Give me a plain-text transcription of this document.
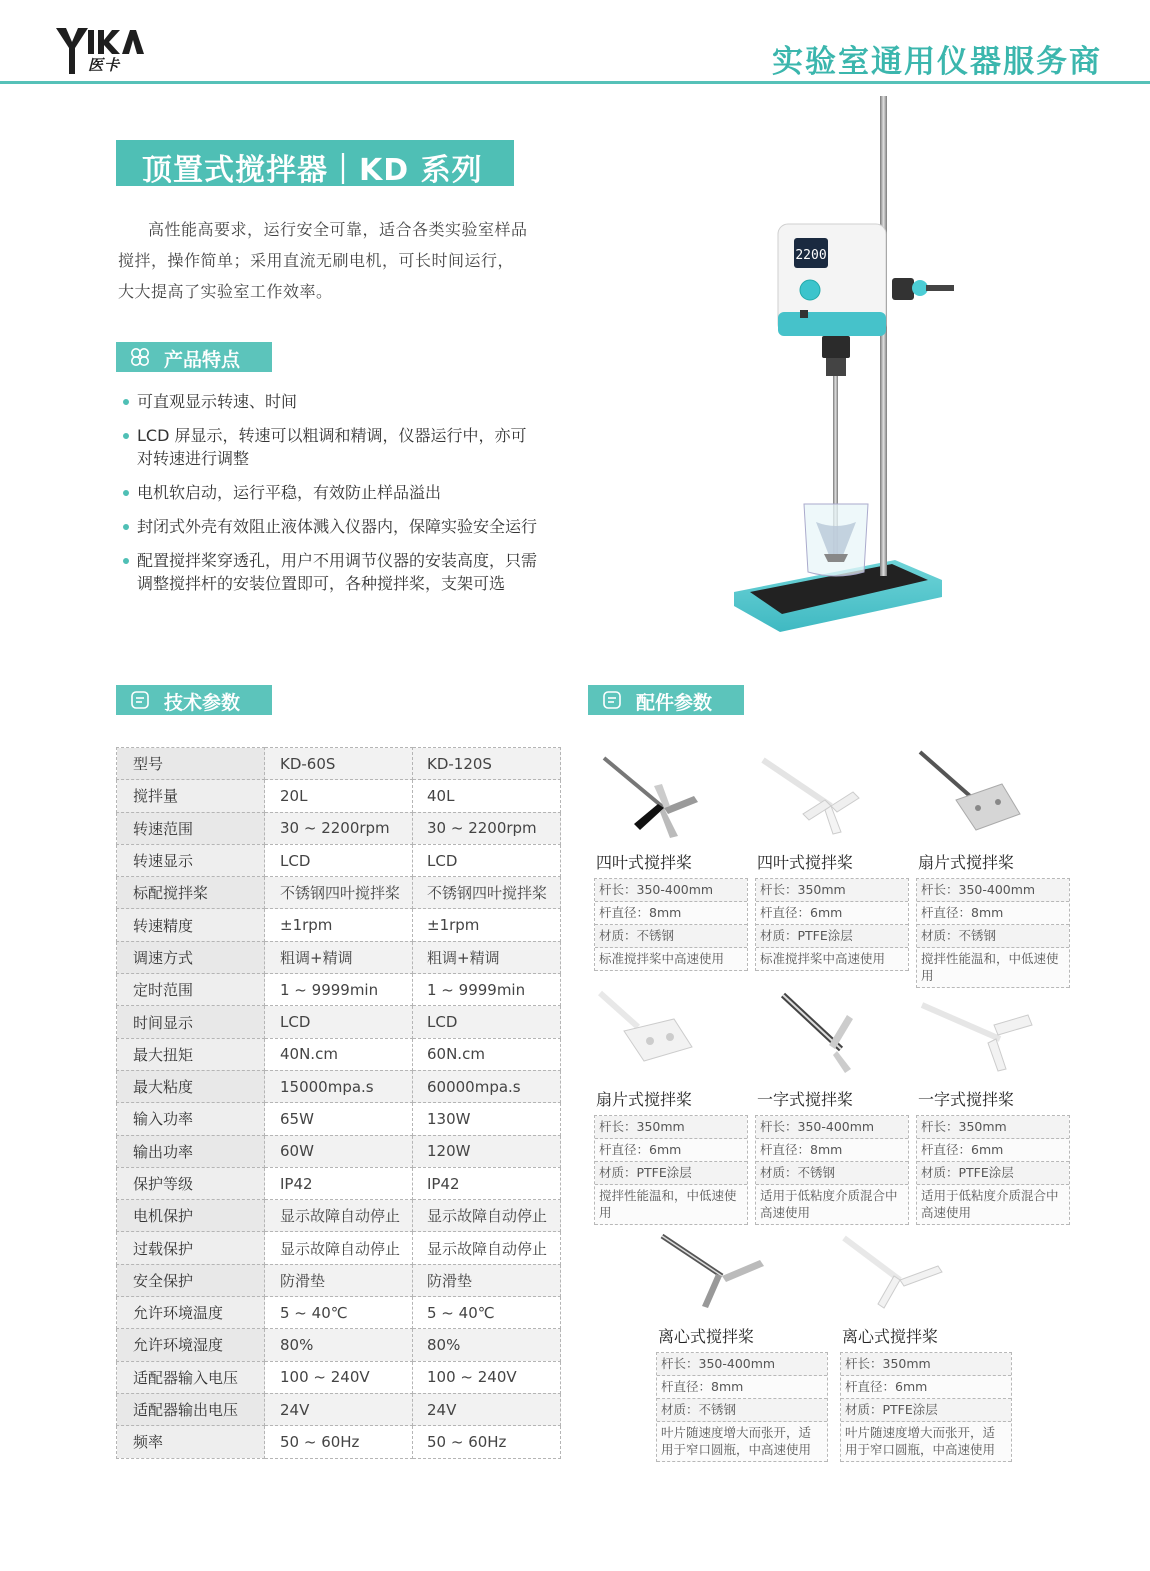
医卡	实验室通用仪器服务商
顶置式搅拌器｜KD 系列

高性能高要求，运行安全可靠，适合各类实验室样品搅拌，操作简单；采用直流无刷电机，可长时间运行，大大提高了实验室工作效率。

产品特点
可直观显示转速、时间
LCD 屏显示，转速可以粗调和精调，仪器运行中，亦可对转速进行调整
电机软启动，运行平稳，有效防止样品溢出
封闭式外壳有效阻止液体溅入仪器内，保障实验安全运行
配置搅拌桨穿透孔，用户不用调节仪器的安装高度，只需调整搅拌杆的安装位置即可，各种搅拌桨，支架可选
2200
技术参数
型号	KD-60S	KD-120S
搅拌量	20L	40L
转速范围	30 ~ 2200rpm	30 ~ 2200rpm
转速显示	LCD	LCD
标配搅拌桨	不锈钢四叶搅拌桨	不锈钢四叶搅拌桨
转速精度	±1rpm	±1rpm
调速方式	粗调+精调	粗调+精调
定时范围	1 ~ 9999min	1 ~ 9999min
时间显示	LCD	LCD
最大扭矩	40N.cm	60N.cm
最大粘度	15000mpa.s	60000mpa.s
输入功率	65W	130W
输出功率	60W	120W
保护等级	IP42	IP42
电机保护	显示故障自动停止	显示故障自动停止
过载保护	显示故障自动停止	显示故障自动停止
安全保护	防滑垫	防滑垫
允许环境温度	5 ~ 40℃	5 ~ 40℃
允许环境湿度	80%	80%
适配器输入电压	100 ~ 240V	100 ~ 240V
适配器输出电压	24V	24V
频率	50 ~ 60Hz	50 ~ 60Hz
配件参数
四叶式搅拌桨
杆长：350-400mm
杆直径：8mm
材质：不锈钢
标准搅拌桨中高速使用
四叶式搅拌桨
杆长：350mm
杆直径：6mm
材质：PTFE涂层
标准搅拌桨中高速使用
扇片式搅拌桨
杆长：350-400mm
杆直径：8mm
材质：不锈钢
搅拌性能温和，中低速使用
扇片式搅拌桨
杆长：350mm
杆直径：6mm
材质：PTFE涂层
搅拌性能温和，中低速使用
一字式搅拌桨
杆长：350-400mm
杆直径：8mm
材质：不锈钢
适用于低粘度介质混合中高速使用
一字式搅拌桨
杆长：350mm
杆直径：6mm
材质：PTFE涂层
适用于低粘度介质混合中高速使用
离心式搅拌桨
杆长：350-400mm
杆直径：8mm
材质：不锈钢
叶片随速度增大而张开，适用于窄口圆瓶，中高速使用
离心式搅拌桨
杆长：350mm
杆直径：6mm
材质：PTFE涂层
叶片随速度增大而张开，适用于窄口圆瓶，中高速使用
